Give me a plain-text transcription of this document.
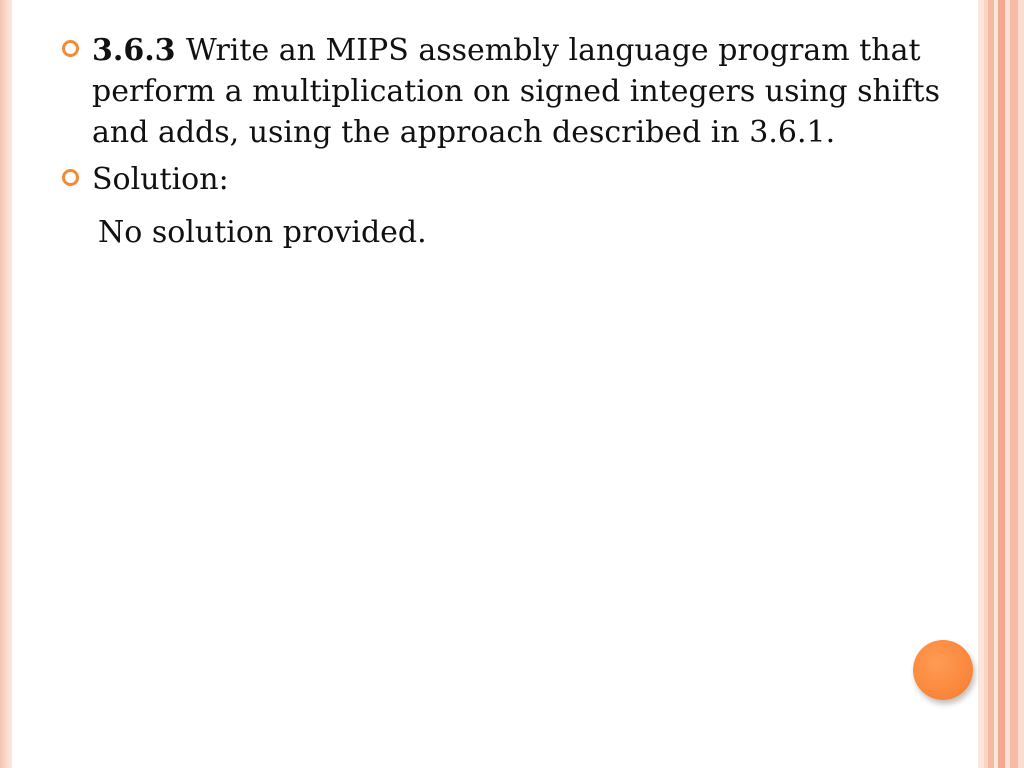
3.6.3 Write an MIPS assembly language program that perform a multiplication on signed integers using shifts and adds, using the approach described in 3.6.1.
Solution:
No solution provided.
